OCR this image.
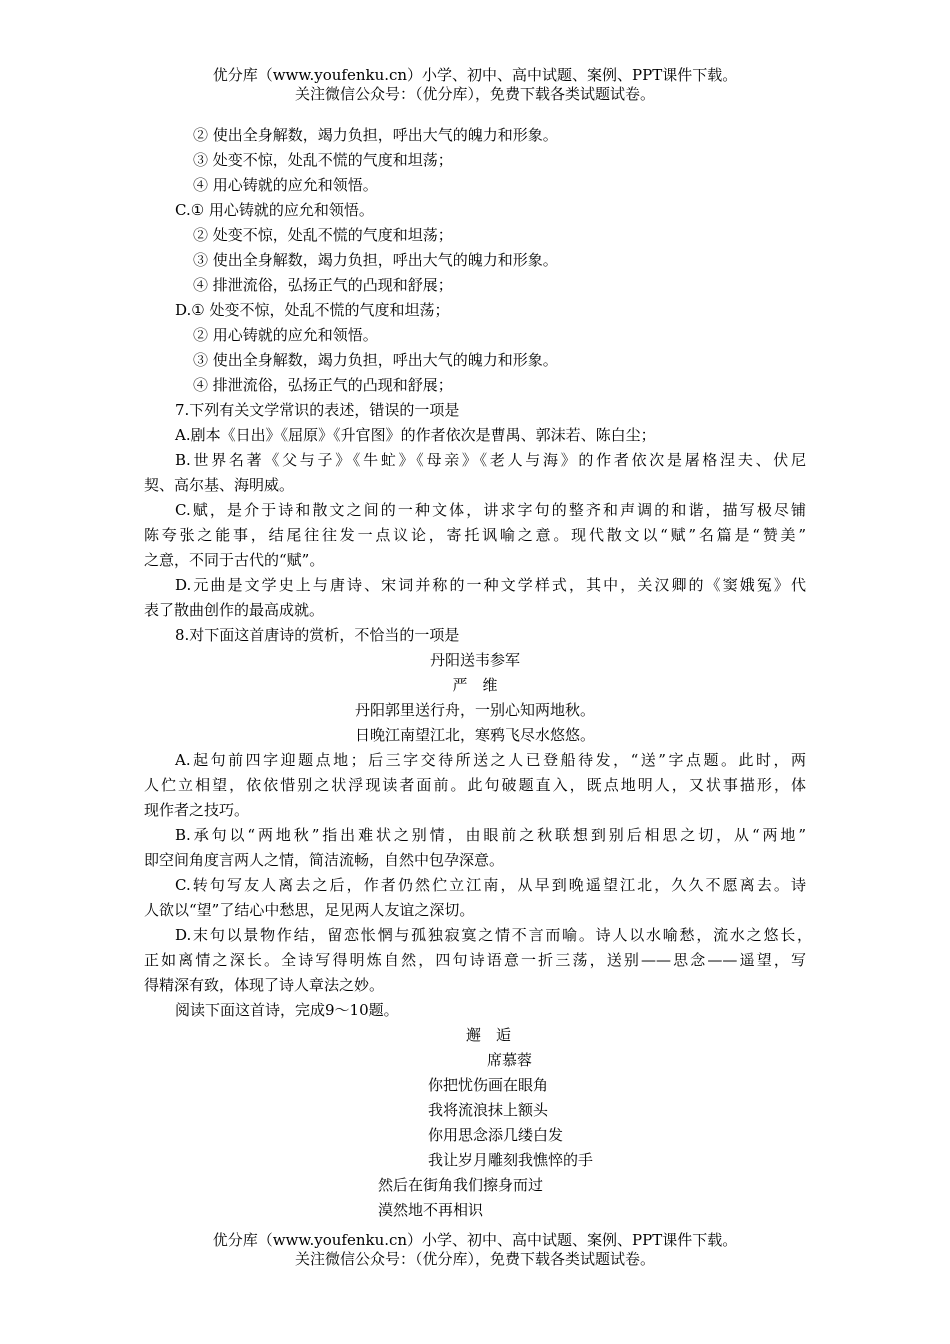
优分库（www.youfenku.cn）小学、初中、高中试题、案例、PPT课件下载。
关注微信公众号：（优分库），免费下载各类试题试卷。
② 使出全身解数，竭力负担，呼出大气的魄力和形象。
③ 处变不惊，处乱不慌的气度和坦荡；
④ 用心铸就的应允和领悟。
C.① 用心铸就的应允和领悟。
② 处变不惊，处乱不慌的气度和坦荡；
③ 使出全身解数，竭力负担，呼出大气的魄力和形象。
④ 排泄流俗，弘扬正气的凸现和舒展；
D.① 处变不惊，处乱不慌的气度和坦荡；
② 用心铸就的应允和领悟。
③ 使出全身解数，竭力负担，呼出大气的魄力和形象。
④ 排泄流俗，弘扬正气的凸现和舒展；
7.下列有关文学常识的表述，错误的一项是
A.剧本《日出》《屈原》《升官图》的作者依次是曹禺、郭沫若、陈白尘；
B.世界名著《父与子》《牛虻》《母亲》《老人与海》的作者依次是屠格涅夫、伏尼
契、高尔基、海明威。
C.赋，是介于诗和散文之间的一种文体，讲求字句的整齐和声调的和谐，描写极尽铺
陈夸张之能事，结尾往往发一点议论，寄托讽喻之意。现代散文以“赋”名篇是“赞美”
之意，不同于古代的“赋”。
D.元曲是文学史上与唐诗、宋词并称的一种文学样式，其中，关汉卿的《窦娥冤》代
表了散曲创作的最高成就。
8.对下面这首唐诗的赏析，不恰当的一项是
丹阳送韦参军
严　维
丹阳郭里送行舟，一别心知两地秋。
日晚江南望江北，寒鸦飞尽水悠悠。
A.起句前四字迎题点地；后三字交待所送之人已登船待发，“送”字点题。此时，两
人伫立相望，依依惜别之状浮现读者面前。此句破题直入，既点地明人，又状事描形，体
现作者之技巧。
B.承句以“两地秋”指出难状之别情，由眼前之秋联想到别后相思之切，从“两地”
即空间角度言两人之情，简洁流畅，自然中包孕深意。
C.转句写友人离去之后，作者仍然伫立江南，从早到晚遥望江北，久久不愿离去。诗
人欲以“望”了结心中愁思，足见两人友谊之深切。
D.末句以景物作结，留恋怅惘与孤独寂寞之情不言而喻。诗人以水喻愁，流水之悠长，
正如离情之深长。全诗写得明炼自然，四句诗语意一折三荡，送别——思念——遥望，写
得精深有致，体现了诗人章法之妙。
阅读下面这首诗，完成9～10题。
邂　逅
席慕蓉
你把忧伤画在眼角
我将流浪抹上额头
你用思念添几缕白发
我让岁月雕刻我憔悴的手
然后在街角我们擦身而过
漠然地不再相识
优分库（www.youfenku.cn）小学、初中、高中试题、案例、PPT课件下载。
关注微信公众号：（优分库），免费下载各类试题试卷。
